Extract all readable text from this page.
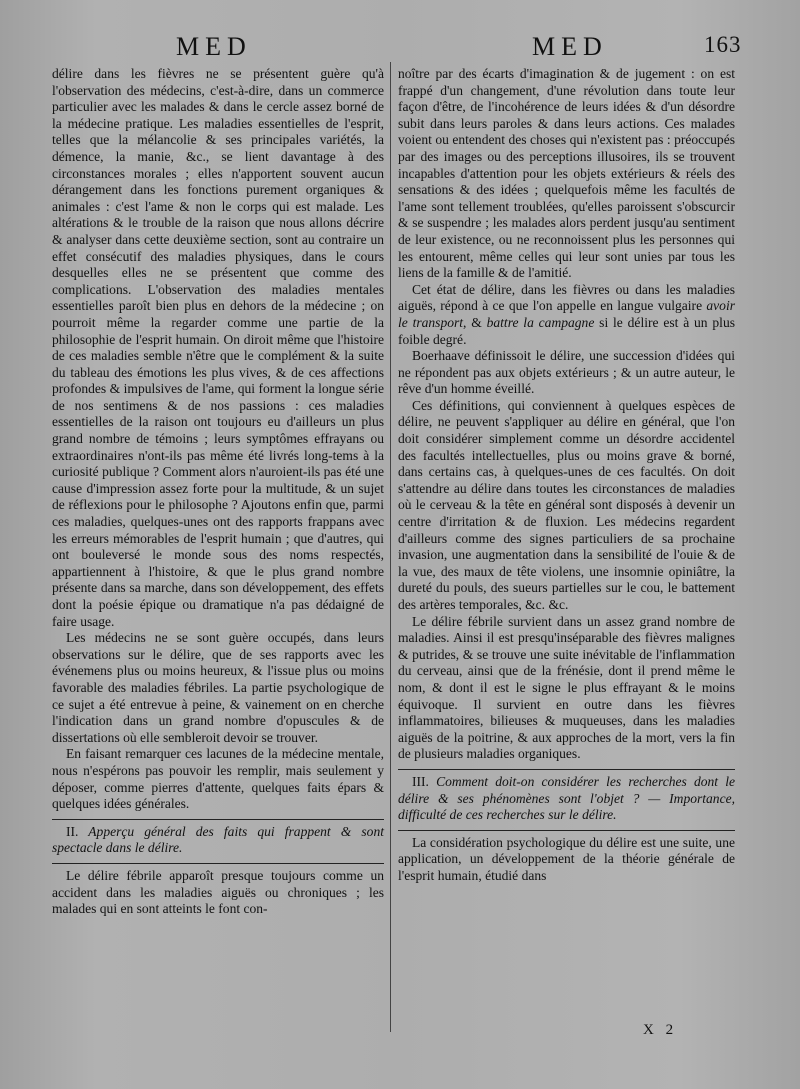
MED	MED	163

délire dans les fièvres ne se présentent guère qu'à l'observation des médecins, c'est-à-dire, dans un commerce particulier avec les malades & dans le cercle assez borné de la médecine pratique. Les maladies essentielles de l'esprit, telles que la mélancolie & ses principales variétés, la démence, la manie, &c., se lient davantage à des circonstances morales ; elles n'apportent souvent aucun dérangement dans les fonctions purement organiques & animales : c'est l'ame & non le corps qui est malade. Les altérations & le trouble de la raison que nous allons décrire & analyser dans cette deuxième section, sont au contraire un effet consécutif des maladies physiques, dans le cours desquelles elles ne se présentent que comme des complications. L'observation des maladies mentales essentielles paroît bien plus en dehors de la médecine ; on pourroit même la regarder comme une partie de la philosophie de l'esprit humain. On diroit même que l'histoire de ces maladies semble n'être que le complément & la suite du tableau des émotions les plus vives, & de ces affections profondes & impulsives de l'ame, qui forment la longue série de nos sentimens & de nos passions : ces maladies essentielles de la raison ont toujours eu d'ailleurs un plus grand nombre de témoins ; leurs symptômes effrayans ou extraordinaires n'ont-ils pas même été livrés long-tems à la curiosité publique ? Comment alors n'auroient-ils pas été une cause d'impression assez forte pour la multitude, & un sujet de réflexions pour le philosophe ? Ajoutons enfin que, parmi ces maladies, quelques-unes ont des rapports frappans avec les erreurs mémorables de l'esprit humain ; que d'autres, qui ont bouleversé le monde sous des noms respectés, appartiennent à l'histoire, & que le plus grand nombre présente dans sa marche, dans son développement, des effets dont la poésie épique ou dramatique n'a pas dédaigné de faire usage.

Les médecins ne se sont guère occupés, dans leurs observations sur le délire, que de ses rapports avec les événemens plus ou moins heureux, & l'issue plus ou moins favorable des maladies fébriles. La partie psychologique de ce sujet a été entrevue à peine, & vainement on en cherche l'indication dans un grand nombre d'opuscules & de dissertations où elle sembleroit devoir se trouver.

En faisant remarquer ces lacunes de la médecine mentale, nous n'espérons pas pouvoir les remplir, mais seulement y déposer, comme pierres d'attente, quelques faits épars & quelques idées générales.

II. Apperçu général des faits qui frappent & sont spectacle dans le délire.

Le délire fébrile apparoît presque toujours comme un accident dans les maladies aiguës ou chroniques ; les malades qui en sont atteints le font con-

noître par des écarts d'imagination & de jugement : on est frappé d'un changement, d'une révolution dans toute leur façon d'être, de l'incohérence de leurs idées & d'un désordre subit dans leurs paroles & dans leurs actions. Ces malades voient ou entendent des choses qui n'existent pas : préoccupés par des images ou des perceptions illusoires, ils se trouvent incapables d'attention pour les objets extérieurs & réels des sensations & des idées ; quelquefois même les facultés de l'ame sont tellement troublées, qu'elles paroissent s'obscurcir & se suspendre ; les malades alors perdent jusqu'au sentiment de leur existence, ou ne reconnoissent plus les personnes qui les entourent, même celles qui leur sont unies par tous les liens de la famille & de l'amitié.

Cet état de délire, dans les fièvres ou dans les maladies aiguës, répond à ce que l'on appelle en langue vulgaire avoir le transport, & battre la campagne si le délire est à un plus foible degré.

Boerhaave définissoit le délire, une succession d'idées qui ne répondent pas aux objets extérieurs ; & un autre auteur, le rêve d'un homme éveillé.

Ces définitions, qui conviennent à quelques espèces de délire, ne peuvent s'appliquer au délire en général, que l'on doit considérer simplement comme un désordre accidentel des facultés intellectuelles, plus ou moins grave & borné, dans certains cas, à quelques-unes de ces facultés. On doit s'attendre au délire dans toutes les circonstances de maladies où le cerveau & la tête en général sont disposés à devenir un centre d'irritation & de fluxion. Les médecins regardent d'ailleurs comme des signes particuliers de sa prochaine invasion, une augmentation dans la sensibilité de l'ouie & de la vue, des maux de tête violens, une insomnie opiniâtre, la dureté du pouls, des sueurs partielles sur le cou, le battement des artères temporales, &c. &c.

Le délire fébrile survient dans un assez grand nombre de maladies. Ainsi il est presqu'inséparable des fièvres malignes & putrides, & se trouve une suite inévitable de l'inflammation du cerveau, ainsi que de la frénésie, dont il prend même le nom, & dont il est le signe le plus effrayant & le moins équivoque. Il survient en outre dans les fièvres inflammatoires, bilieuses & muqueuses, dans les maladies aiguës de la poitrine, & aux approches de la mort, vers la fin de plusieurs maladies organiques.

III. Comment doit-on considérer les recherches dont le délire & ses phénomènes sont l'objet ? — Importance, difficulté de ces recherches sur le délire.

La considération psychologique du délire est une suite, une application, un développement de la théorie générale de l'esprit humain, étudié dans

X 2
